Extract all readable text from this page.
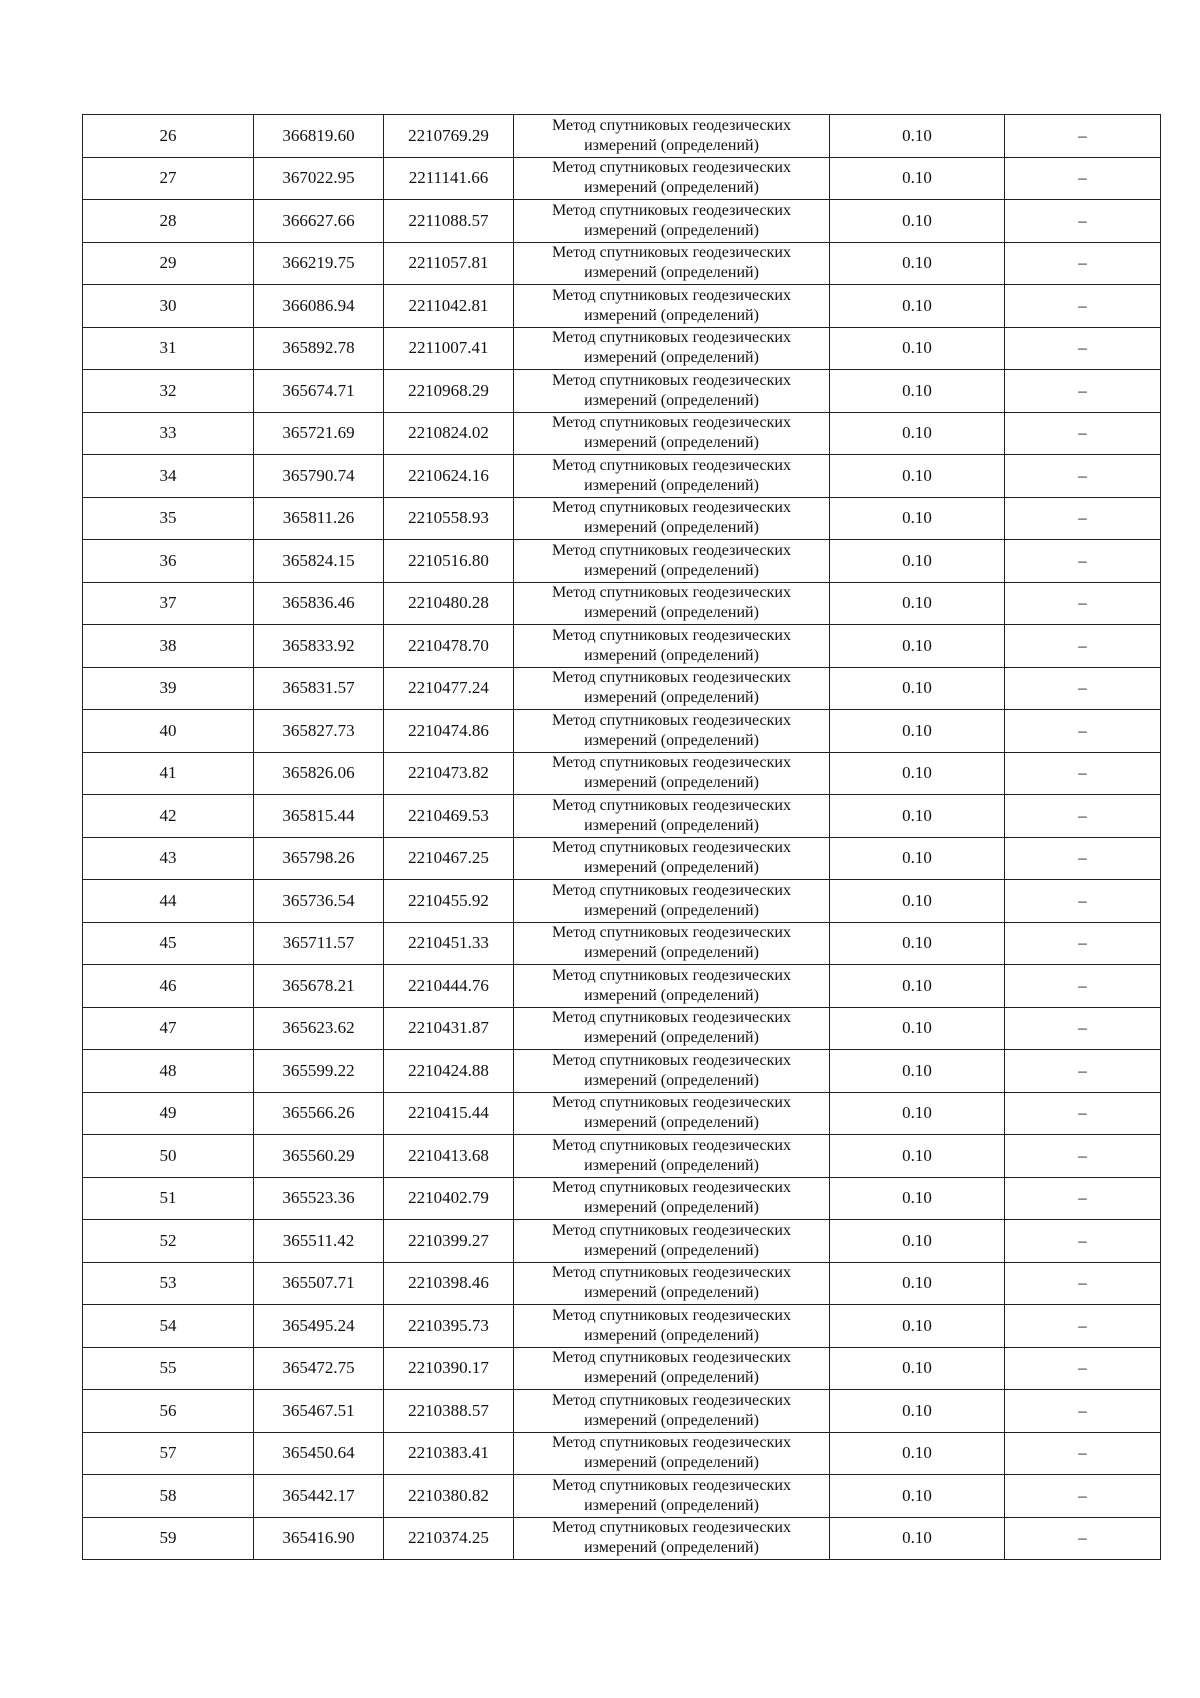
26	366819.60	2210769.29	Метод спутниковых геодезических измерений (определений)	0.10	–
27	367022.95	2211141.66	Метод спутниковых геодезических измерений (определений)	0.10	–
28	366627.66	2211088.57	Метод спутниковых геодезических измерений (определений)	0.10	–
29	366219.75	2211057.81	Метод спутниковых геодезических измерений (определений)	0.10	–
30	366086.94	2211042.81	Метод спутниковых геодезических измерений (определений)	0.10	–
31	365892.78	2211007.41	Метод спутниковых геодезических измерений (определений)	0.10	–
32	365674.71	2210968.29	Метод спутниковых геодезических измерений (определений)	0.10	–
33	365721.69	2210824.02	Метод спутниковых геодезических измерений (определений)	0.10	–
34	365790.74	2210624.16	Метод спутниковых геодезических измерений (определений)	0.10	–
35	365811.26	2210558.93	Метод спутниковых геодезических измерений (определений)	0.10	–
36	365824.15	2210516.80	Метод спутниковых геодезических измерений (определений)	0.10	–
37	365836.46	2210480.28	Метод спутниковых геодезических измерений (определений)	0.10	–
38	365833.92	2210478.70	Метод спутниковых геодезических измерений (определений)	0.10	–
39	365831.57	2210477.24	Метод спутниковых геодезических измерений (определений)	0.10	–
40	365827.73	2210474.86	Метод спутниковых геодезических измерений (определений)	0.10	–
41	365826.06	2210473.82	Метод спутниковых геодезических измерений (определений)	0.10	–
42	365815.44	2210469.53	Метод спутниковых геодезических измерений (определений)	0.10	–
43	365798.26	2210467.25	Метод спутниковых геодезических измерений (определений)	0.10	–
44	365736.54	2210455.92	Метод спутниковых геодезических измерений (определений)	0.10	–
45	365711.57	2210451.33	Метод спутниковых геодезических измерений (определений)	0.10	–
46	365678.21	2210444.76	Метод спутниковых геодезических измерений (определений)	0.10	–
47	365623.62	2210431.87	Метод спутниковых геодезических измерений (определений)	0.10	–
48	365599.22	2210424.88	Метод спутниковых геодезических измерений (определений)	0.10	–
49	365566.26	2210415.44	Метод спутниковых геодезических измерений (определений)	0.10	–
50	365560.29	2210413.68	Метод спутниковых геодезических измерений (определений)	0.10	–
51	365523.36	2210402.79	Метод спутниковых геодезических измерений (определений)	0.10	–
52	365511.42	2210399.27	Метод спутниковых геодезических измерений (определений)	0.10	–
53	365507.71	2210398.46	Метод спутниковых геодезических измерений (определений)	0.10	–
54	365495.24	2210395.73	Метод спутниковых геодезических измерений (определений)	0.10	–
55	365472.75	2210390.17	Метод спутниковых геодезических измерений (определений)	0.10	–
56	365467.51	2210388.57	Метод спутниковых геодезических измерений (определений)	0.10	–
57	365450.64	2210383.41	Метод спутниковых геодезических измерений (определений)	0.10	–
58	365442.17	2210380.82	Метод спутниковых геодезических измерений (определений)	0.10	–
59	365416.90	2210374.25	Метод спутниковых геодезических измерений (определений)	0.10	–
